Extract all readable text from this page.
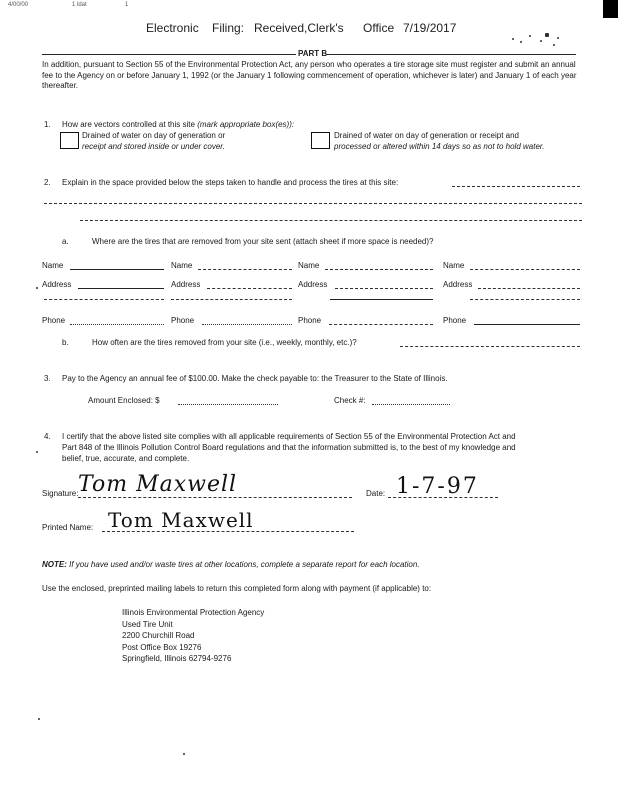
4/00/00	1 ldat	1
Electronic Filing: Received,Clerk's Office 7/19/2017
PART B
In addition, pursuant to Section 55 of the Environmental Protection Act, any person who operates a tire storage site must register and submit an annual fee to the Agency on or before January 1, 1992 (or the January 1 following commencement of operation, whichever is later) and January 1 of each year thereafter.
1. How are vectors controlled at this site (mark appropriate box(es)):
Drained of water on day of generation or
receipt and stored inside or under cover.
Drained of water on day of generation or receipt and
processed or altered within 14 days so as not to hold water.
2. Explain in the space provided below the steps taken to handle and process the tires at this site:
a.	Where are the tires that are removed from your site sent (attach sheet if more space is needed)?
Name	Name	Name	Name
Address	Address	Address	Address
Phone	Phone	Phone	Phone
b.	How often are the tires removed from your site (i.e., weekly, monthly, etc.)?
3. Pay to the Agency an annual fee of $100.00. Make the check payable to: the Treasurer to the State of Illinois.
Amount Enclosed: $	Check #:
4. I certify that the above listed site complies with all applicable requirements of Section 55 of the Environmental Protection Act and
Part 848 of the Illinois Pollution Control Board regulations and that the information submitted is, to the best of my knowledge and
belief, true, accurate, and complete.
Signature: Tom Maxwell	Date: 1-7-97
Printed Name: Tom Maxwell
NOTE: If you have used and/or waste tires at other locations, complete a separate report for each location.
Use the enclosed, preprinted mailing labels to return this completed form along with payment (if applicable) to:
Illinois Environmental Protection Agency
Used Tire Unit
2200 Churchill Road
Post Office Box 19276
Springfield, Illinois 62794-9276
